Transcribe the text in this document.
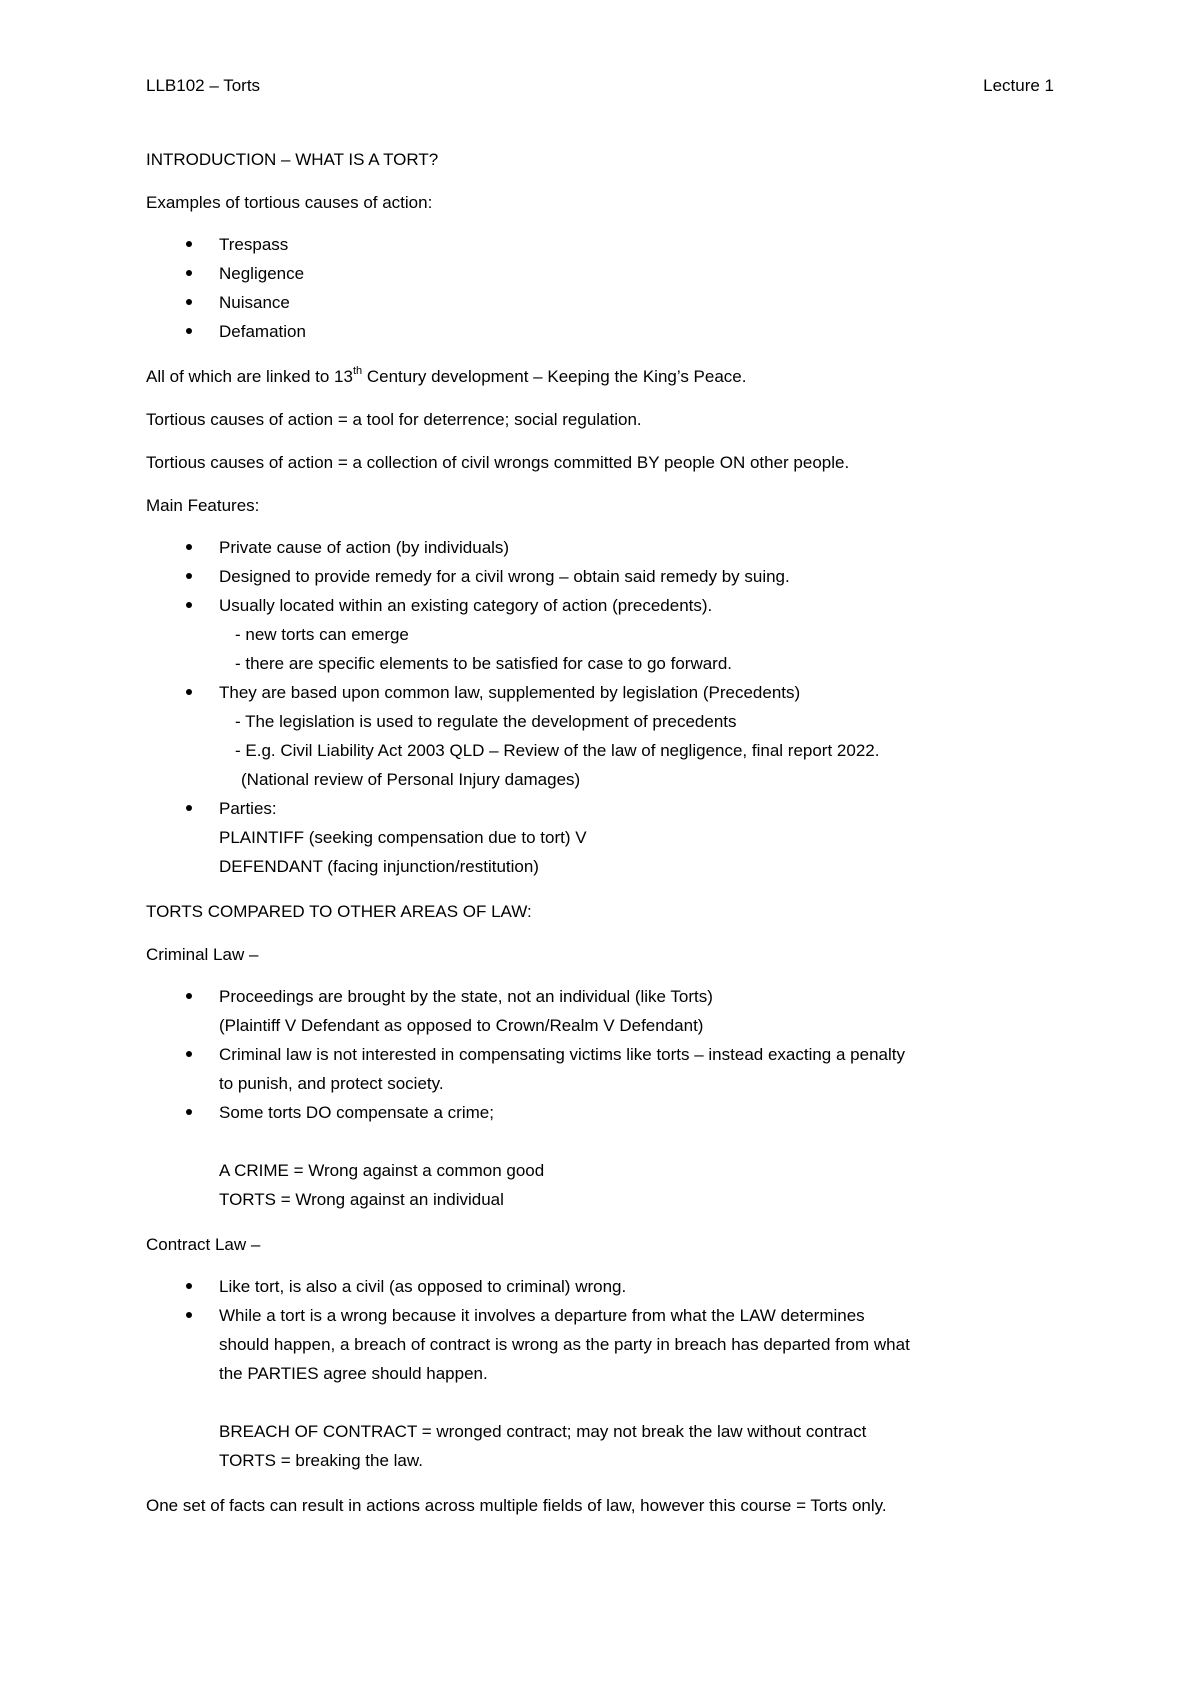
LLB102 – Torts	Lecture 1

INTRODUCTION – WHAT IS A TORT?

Examples of tortious causes of action:

Trespass
Negligence
Nuisance
Defamation

All of which are linked to 13th Century development – Keeping the King’s Peace.

Tortious causes of action = a tool for deterrence; social regulation.

Tortious causes of action = a collection of civil wrongs committed BY people ON other people.

Main Features:

Private cause of action (by individuals)
Designed to provide remedy for a civil wrong – obtain said remedy by suing.
Usually located within an existing category of action (precedents).
- new torts can emerge
- there are specific elements to be satisfied for case to go forward.
They are based upon common law, supplemented by legislation (Precedents)
- The legislation is used to regulate the development of precedents
- E.g. Civil Liability Act 2003 QLD – Review of the law of negligence, final report 2022.
(National review of Personal Injury damages)
Parties:
PLAINTIFF (seeking compensation due to tort) V
DEFENDANT (facing injunction/restitution)

TORTS COMPARED TO OTHER AREAS OF LAW:

Criminal Law –

Proceedings are brought by the state, not an individual (like Torts)
(Plaintiff V Defendant as opposed to Crown/Realm V Defendant)
Criminal law is not interested in compensating victims like torts – instead exacting a penalty
to punish, and protect society.
Some torts DO compensate a crime;
A CRIME = Wrong against a common good
TORTS = Wrong against an individual

Contract Law –

Like tort, is also a civil (as opposed to criminal) wrong.
While a tort is a wrong because it involves a departure from what the LAW determines
should happen, a breach of contract is wrong as the party in breach has departed from what
the PARTIES agree should happen.
BREACH OF CONTRACT = wronged contract; may not break the law without contract
TORTS = breaking the law.

One set of facts can result in actions across multiple fields of law, however this course = Torts only.
